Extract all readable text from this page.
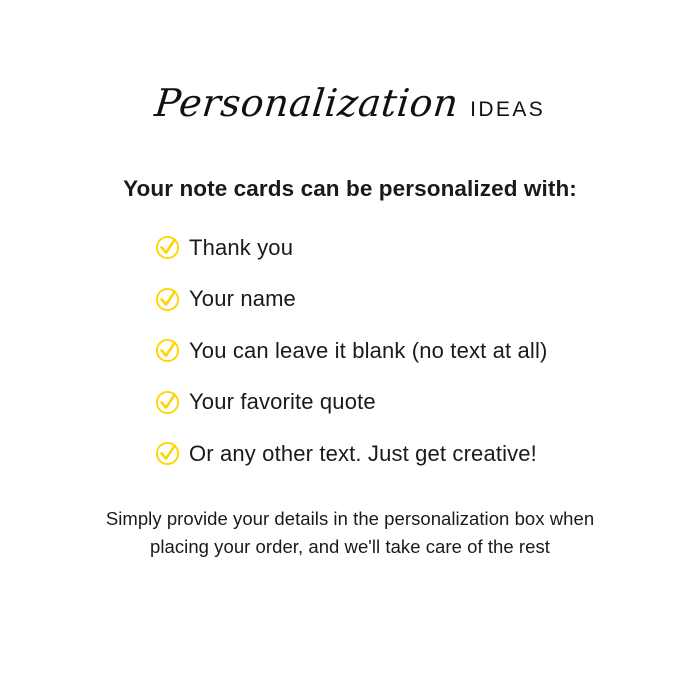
Personalization IDEAS
Your note cards can be personalized with:
Thank you
Your name
You can leave it blank (no text at all)
Your favorite quote
Or any other text. Just get creative!
Simply provide your details in the personalization box when
placing your order, and we'll take care of the rest
